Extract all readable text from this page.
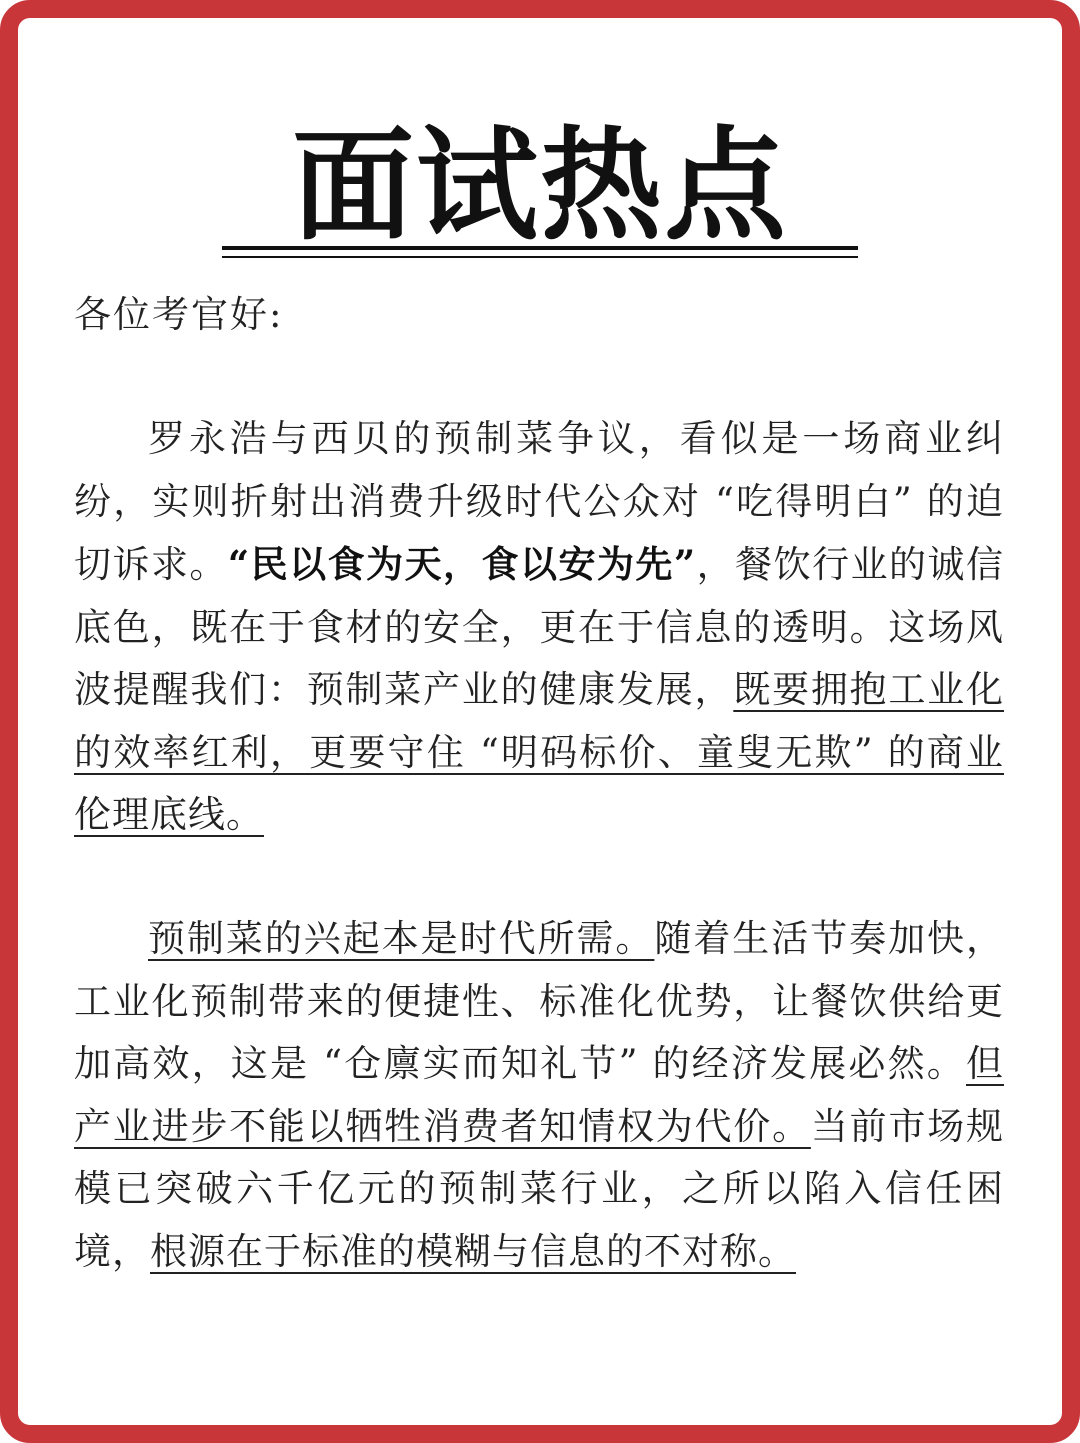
面试热点
各位考官好:

罗永浩与西贝的预制菜争议，看似是一场商业纠纷，实则折射出消费升级时代公众对 “吃得明白” 的迫切诉求。“民以食为天，食以安为先”，餐饮行业的诚信底色，既在于食材的安全，更在于信息的透明。这场风波提醒我们：预制菜产业的健康发展，既要拥抱工业化的效率红利，更要守住 “明码标价、童叟无欺” 的商业伦理底线。

预制菜的兴起本是时代所需。随着生活节奏加快，工业化预制带来的便捷性、标准化优势，让餐饮供给更加高效，这是 “仓廪实而知礼节” 的经济发展必然。但产业进步不能以牺牲消费者知情权为代价。当前市场规模已突破六千亿元的预制菜行业，之所以陷入信任困境，根源在于标准的模糊与信息的不对称。
